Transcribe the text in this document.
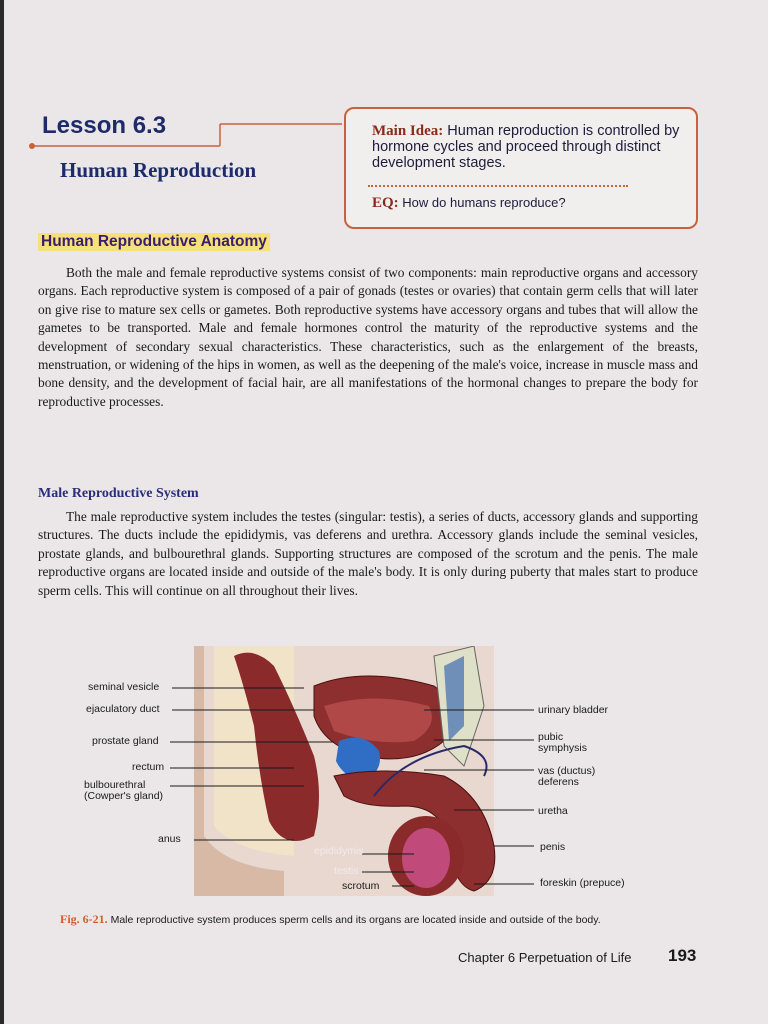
Lesson 6.3
Human Reproduction
Main Idea: Human reproduction is controlled by hormone cycles and proceed through distinct development stages.
EQ: How do humans reproduce?
Human Reproductive Anatomy

Both the male and female reproductive systems consist of two components: main reproductive organs and accessory organs. Each reproductive system is composed of a pair of gonads (testes or ovaries) that contain germ cells that will later on give rise to mature sex cells or gametes. Both reproductive systems have accessory organs and tubes that will allow the gametes to be transported. Male and female hormones control the maturity of the reproductive systems and the development of secondary sexual characteristics. These characteristics, such as the enlargement of the breasts, menstruation, or widening of the hips in women, as well as the deepening of the male's voice, increase in muscle mass and bone density, and the development of facial hair, are all manifestations of the hormonal changes to prepare the body for reproductive processes.

Male Reproductive System

The male reproductive system includes the testes (singular: testis), a series of ducts, accessory glands and supporting structures. The ducts include the epididymis, vas deferens and urethra. Accessory glands include the seminal vesicles, prostate glands, and bulbourethral glands. Supporting structures are composed of the scrotum and the penis. The male reproductive organs are located inside and outside of the male's body. It is only during puberty that males start to produce sperm cells. This will continue on all throughout their lives.

seminal vesicle
ejaculatory duct
prostate gland
rectum
bulbourethral (Cowper's gland)
anus
epididymis
testis
scrotum
urinary bladder
pubic symphysis
vas (ductus) deferens
uretha
penis
foreskin (prepuce)
Fig. 6-21. Male reproductive system produces sperm cells and its organs are located inside and outside of the body.
Chapter 6 Perpetuation of Life 193
